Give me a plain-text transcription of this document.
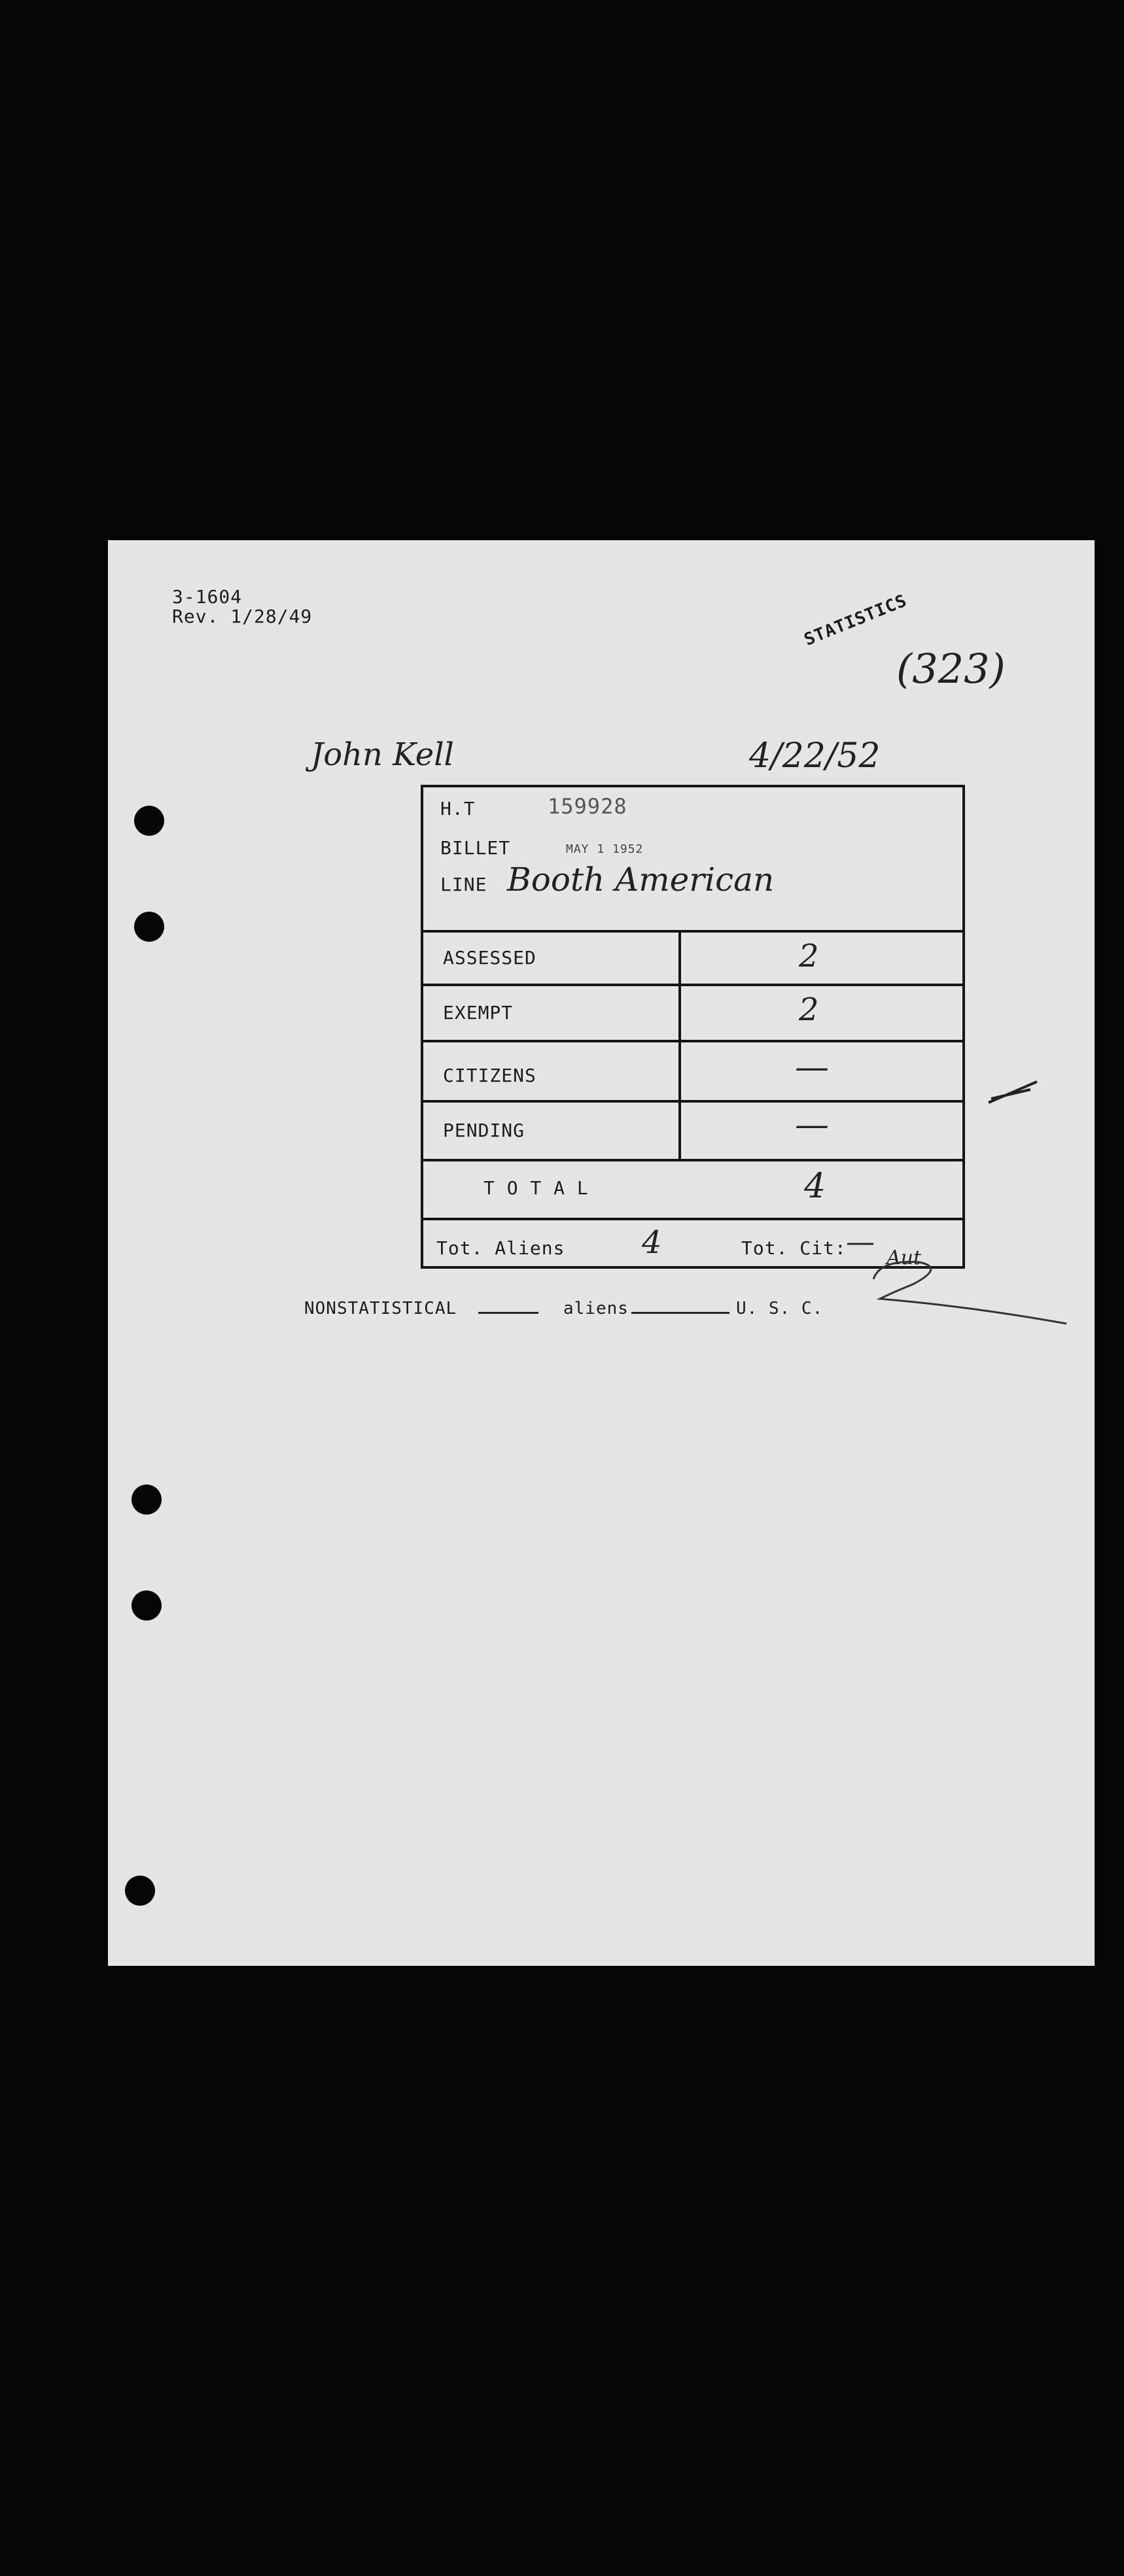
3-1604
Rev. 1/28/49	STATISTICS
(323)
John Kell	4/22/52
H.T	159928
BILLET	MAY 1 1952
LINE Booth American
ASSESSED	2
EXEMPT	2
CITIZENS	—
PENDING	—
T O T A L	4
Tot. Aliens 4	Tot. Cit: — Aut
NONSTATISTICAL	aliens	U. S. C.
